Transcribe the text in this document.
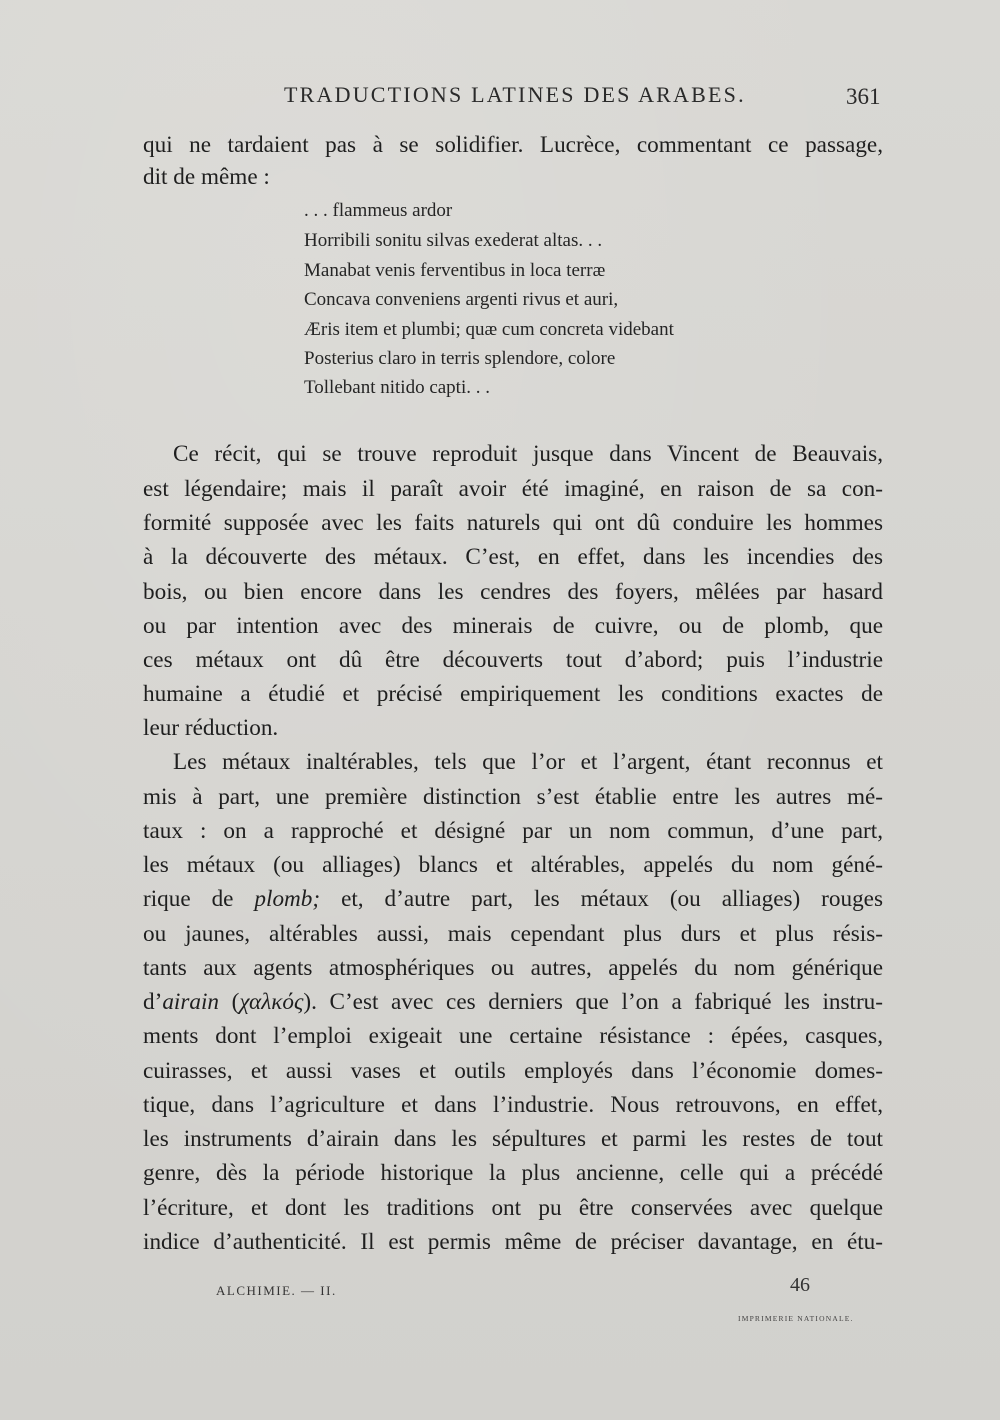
TRADUCTIONS LATINES DES ARABES.	361
qui ne tardaient pas à se solidifier. Lucrèce, commentant ce passage,
dit de même :
. . . flammeus ardor
Horribili sonitu silvas exederat altas. . .
Manabat venis ferventibus in loca terræ
Concava conveniens argenti rivus et auri,
Æris item et plumbi; quæ cum concreta videbant
Posterius claro in terris splendore, colore
Tollebant nitido capti. . .
Ce récit, qui se trouve reproduit jusque dans Vincent de Beauvais,
est légendaire; mais il paraît avoir été imaginé, en raison de sa con-
formité supposée avec les faits naturels qui ont dû conduire les hommes
à la découverte des métaux. C’est, en effet, dans les incendies des
bois, ou bien encore dans les cendres des foyers, mêlées par hasard
ou par intention avec des minerais de cuivre, ou de plomb, que
ces métaux ont dû être découverts tout d’abord; puis l’industrie
humaine a étudié et précisé empiriquement les conditions exactes de
leur réduction.
Les métaux inaltérables, tels que l’or et l’argent, étant reconnus et
mis à part, une première distinction s’est établie entre les autres mé-
taux : on a rapproché et désigné par un nom commun, d’une part,
les métaux (ou alliages) blancs et altérables, appelés du nom géné-
rique de plomb; et, d’autre part, les métaux (ou alliages) rouges
ou jaunes, altérables aussi, mais cependant plus durs et plus résis-
tants aux agents atmosphériques ou autres, appelés du nom générique
d’airain (χαλκός). C’est avec ces derniers que l’on a fabriqué les instru-
ments dont l’emploi exigeait une certaine résistance : épées, casques,
cuirasses, et aussi vases et outils employés dans l’économie domes-
tique, dans l’agriculture et dans l’industrie. Nous retrouvons, en effet,
les instruments d’airain dans les sépultures et parmi les restes de tout
genre, dès la période historique la plus ancienne, celle qui a précédé
l’écriture, et dont les traditions ont pu être conservées avec quelque
indice d’authenticité. Il est permis même de préciser davantage, en étu-
ALCHIMIE. — II.	46
IMPRIMERIE NATIONALE.
